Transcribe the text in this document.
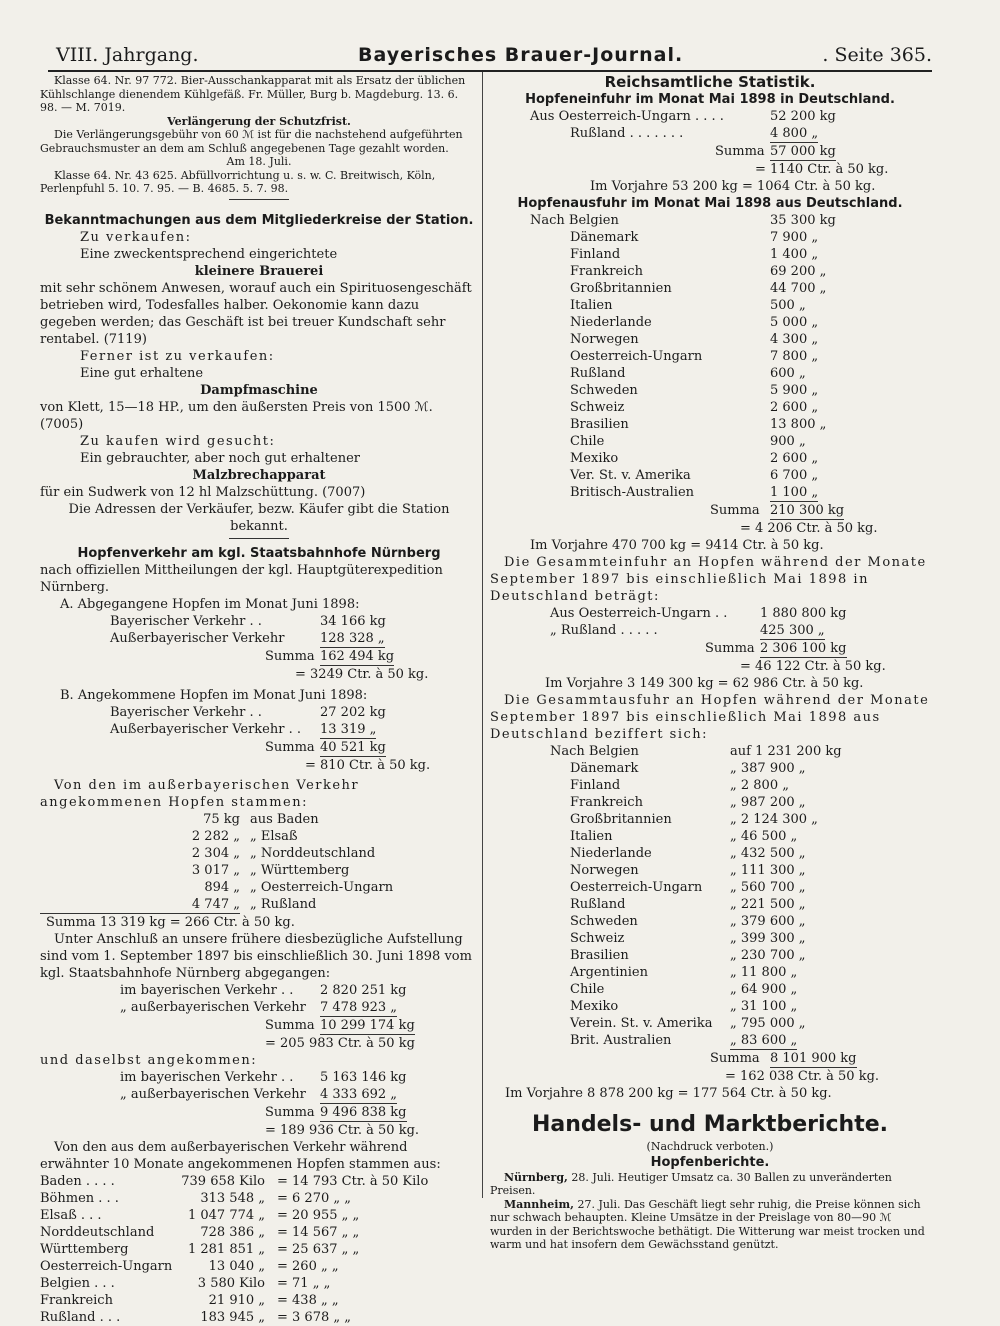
VIII. Jahrgang.	Bayerisches Brauer-Journal.	. Seite 365.

Klasse 64. Nr. 97 772. Bier-Ausschankapparat mit als Ersatz der üblichen Kühlschlange dienendem Kühlgefäß. Fr. Müller, Burg b. Magdeburg. 13. 6. 98. — M. 7019.

Verlängerung der Schutzfrist.

Die Verlängerungsgebühr von 60 ℳ ist für die nachstehend aufgeführten Gebrauchsmuster an dem am Schluß angegebenen Tage gezahlt worden.

Am 18. Juli.

Klasse 64. Nr. 43 625. Abfüllvorrichtung u. s. w. C. Breitwisch, Köln, Perlenpfuhl 5. 10. 7. 95. — B. 4685. 5. 7. 98.

Bekanntmachungen aus dem Mitgliederkreise der Station.

Zu verkaufen:

Eine zweckentsprechend eingerichtete

kleinere Brauerei

mit sehr schönem Anwesen, worauf auch ein Spirituosengeschäft betrieben wird, Todesfalles halber. Oekonomie kann dazu gegeben werden; das Geschäft ist bei treuer Kundschaft sehr rentabel. (7119)

Ferner ist zu verkaufen:

Eine gut erhaltene

Dampfmaschine

von Klett, 15—18 HP., um den äußersten Preis von 1500 ℳ. (7005)

Zu kaufen wird gesucht:

Ein gebrauchter, aber noch gut erhaltener

Malzbrechapparat

für ein Sudwerk von 12 hl Malzschüttung. (7007)

Die Adressen der Verkäufer, bezw. Käufer gibt die Station bekannt.

Hopfenverkehr am kgl. Staatsbahnhofe Nürnberg

nach offiziellen Mittheilungen der kgl. Hauptgüterexpedition Nürnberg.

A. Abgegangene Hopfen im Monat Juni 1898:

Bayerischer Verkehr . .	34 166 kg
Außerbayerischer Verkehr	128 328 „
Summa 162 494 kg

= 3249 Ctr. à 50 kg.

B. Angekommene Hopfen im Monat Juni 1898:

Bayerischer Verkehr . .	27 202 kg
Außerbayerischer Verkehr . .	13 319 „
Summa 40 521 kg

= 810 Ctr. à 50 kg.

Von den im außerbayerischen Verkehr angekommenen Hopfen stammen:

75 kg aus Baden
2 282 „ „ Elsaß
2 304 „ „ Norddeutschland
3 017 „ „ Württemberg
894 „ „ Oesterreich-Ungarn
4 747 „ „ Rußland

Summa 13 319 kg = 266 Ctr. à 50 kg.

Unter Anschluß an unsere frühere diesbezügliche Aufstellung sind vom 1. September 1897 bis einschließlich 30. Juni 1898 vom kgl. Staatsbahnhofe Nürnberg abgegangen:

im bayerischen Verkehr . .	2 820 251 kg
„ außerbayerischen Verkehr	7 478 923 „
Summa 10 299 174 kg

= 205 983 Ctr. à 50 kg

und daselbst angekommen:

im bayerischen Verkehr . .	5 163 146 kg
„ außerbayerischen Verkehr	4 333 692 „
Summa 9 496 838 kg

= 189 936 Ctr. à 50 kg.

Von den aus dem außerbayerischen Verkehr während erwähnter 10 Monate angekommenen Hopfen stammen aus:

Baden . . . .	739 658 Kilo = 14 793 Ctr. à 50 Kilo
Böhmen . . .	313 548 „ = 6 270 „ „
Elsaß . . .	1 047 774 „ = 20 955 „ „
Norddeutschland	728 386 „ = 14 567 „ „
Württemberg	1 281 851 „ = 25 637 „ „
Oesterreich-Ungarn	13 040 „ = 260 „ „
Belgien . . .	3 580 Kilo = 71 „ „
Frankreich	21 910 „ = 438 „ „
Rußland . . .	183 945 „ = 3 678 „ „

Reichsamtliche Statistik.

Hopfeneinfuhr im Monat Mai 1898 in Deutschland.

Aus Oesterreich-Ungarn . . . .	52 200 kg
Rußland . . . . . . .	4 800 „
Summa 57 000 kg

= 1140 Ctr. à 50 kg.

Im Vorjahre 53 200 kg = 1064 Ctr. à 50 kg.

Hopfenausfuhr im Monat Mai 1898 aus Deutschland.

Nach Belgien	35 300 kg
Dänemark	7 900 „
Finland	1 400 „
Frankreich	69 200 „
Großbritannien	44 700 „
Italien	500 „
Niederlande	5 000 „
Norwegen	4 300 „
Oesterreich-Ungarn	7 800 „
Rußland	600 „
Schweden	5 900 „
Schweiz	2 600 „
Brasilien	13 800 „
Chile	900 „
Mexiko	2 600 „
Ver. St. v. Amerika	6 700 „
Britisch-Australien	1 100 „
Summa 210 300 kg

= 4 206 Ctr. à 50 kg.

Im Vorjahre 470 700 kg = 9414 Ctr. à 50 kg.

Die Gesammteinfuhr an Hopfen während der Monate September 1897 bis einschließlich Mai 1898 in Deutschland beträgt:

Aus Oesterreich-Ungarn . .	1 880 800 kg
„ Rußland . . . . .	425 300 „
Summa 2 306 100 kg

= 46 122 Ctr. à 50 kg.

Im Vorjahre 3 149 300 kg = 62 986 Ctr. à 50 kg.

Die Gesammtausfuhr an Hopfen während der Monate September 1897 bis einschließlich Mai 1898 aus Deutschland beziffert sich:

Nach Belgien	auf 1 231 200 kg
Dänemark	„ 387 900 „
Finland	„ 2 800 „
Frankreich	„ 987 200 „
Großbritannien	„ 2 124 300 „
Italien	„ 46 500 „
Niederlande	„ 432 500 „
Norwegen	„ 111 300 „
Oesterreich-Ungarn	„ 560 700 „
Rußland	„ 221 500 „
Schweden	„ 379 600 „
Schweiz	„ 399 300 „
Brasilien	„ 230 700 „
Argentinien	„ 11 800 „
Chile	„ 64 900 „
Mexiko	„ 31 100 „
Verein. St. v. Amerika	„ 795 000 „
Brit. Australien	„ 83 600 „
Summa 8 101 900 kg

= 162 038 Ctr. à 50 kg.

Im Vorjahre 8 878 200 kg = 177 564 Ctr. à 50 kg.

Handels- und Marktberichte.

(Nachdruck verboten.)

Hopfenberichte.

Nürnberg, 28. Juli. Heutiger Umsatz ca. 30 Ballen zu unveränderten Preisen.

Mannheim, 27. Juli. Das Geschäft liegt sehr ruhig, die Preise können sich nur schwach behaupten. Kleine Umsätze in der Preislage von 80—90 ℳ wurden in der Berichtswoche bethätigt. Die Witterung war meist trocken und warm und hat insofern dem Gewächsstand genützt.
